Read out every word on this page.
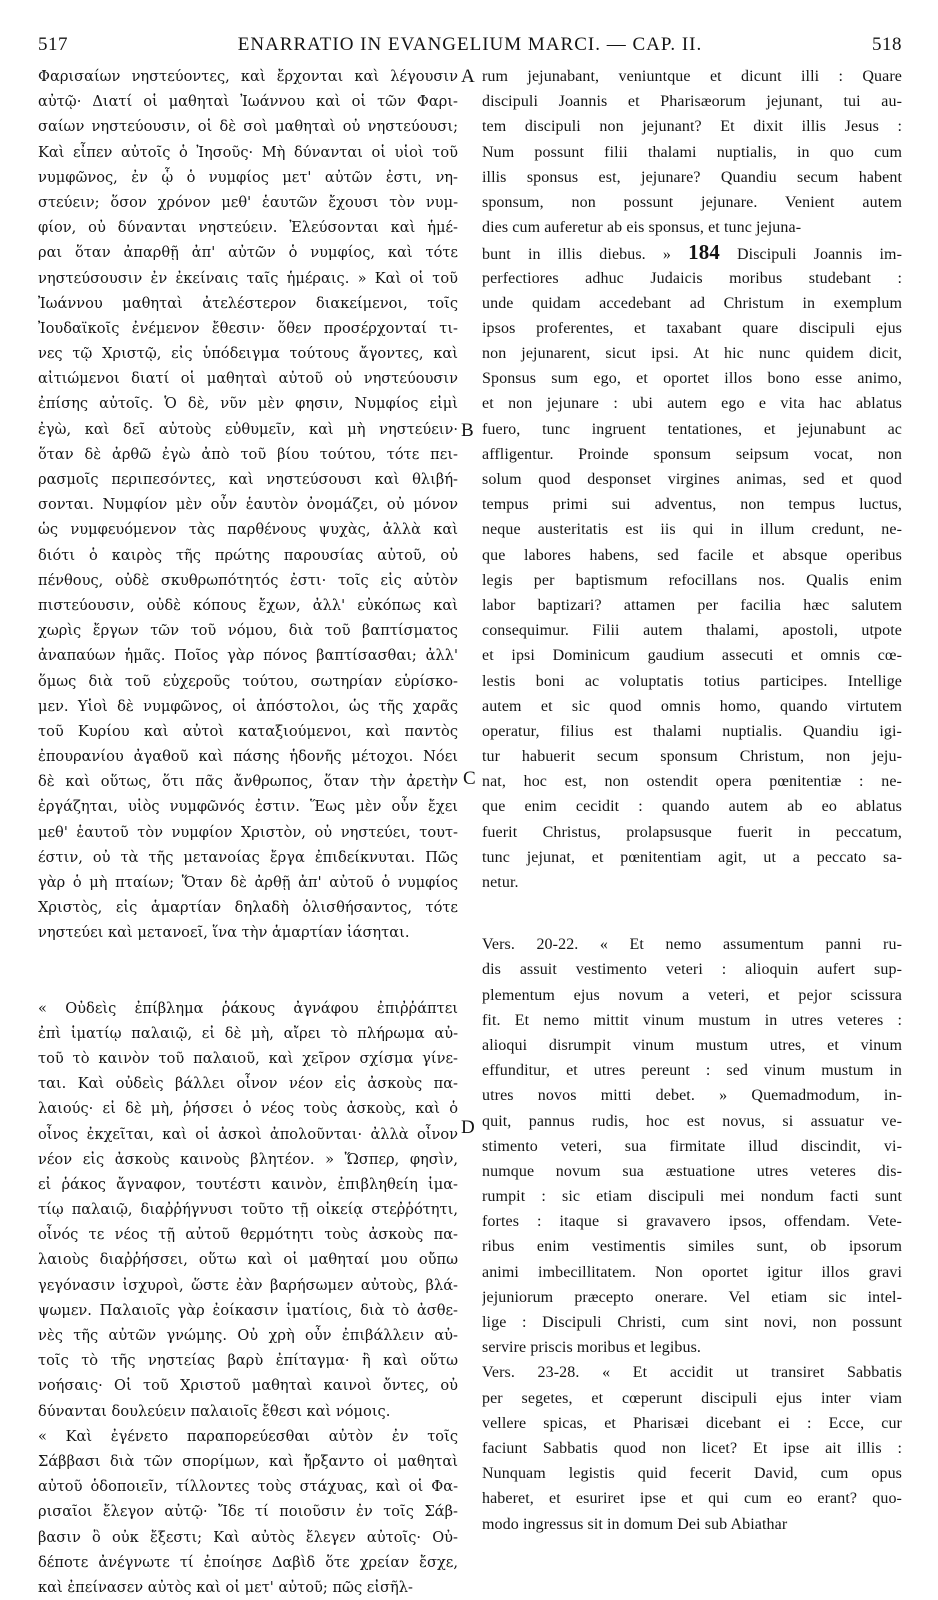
517	ENARRATIO IN EVANGELIUM MARCI. — CAP. II.	518
Φαρισαίων νηστεύοντες, καὶ ἔρχονται καὶ λέγουσιν
αὐτῷ· Διατί οἱ μαθηταὶ Ἰωάννου καὶ οἱ τῶν Φαρι-
σαίων νηστεύουσιν, οἱ δὲ σοὶ μαθηταὶ οὐ νηστεύουσι;
Καὶ εἶπεν αὐτοῖς ὁ Ἰησοῦς· Μὴ δύνανται οἱ υἱοὶ τοῦ
νυμφῶνος, ἐν ᾧ ὁ νυμφίος μετ' αὐτῶν ἐστι, νη-
στεύειν; ὅσον χρόνον μεθ' ἑαυτῶν ἔχουσι τὸν νυμ-
φίον, οὐ δύνανται νηστεύειν. Ἐλεύσονται καὶ ἡμέ-
ραι ὅταν ἀπαρθῇ ἀπ' αὐτῶν ὁ νυμφίος, καὶ τότε
νηστεύσουσιν ἐν ἐκείναις ταῖς ἡμέραις. » Καὶ οἱ τοῦ
Ἰωάννου μαθηταὶ ἀτελέστερον διακείμενοι, τοῖς
Ἰουδαϊκοῖς ἐνέμενον ἔθεσιν· ὅθεν προσέρχονταί τι-
νες τῷ Χριστῷ, εἰς ὑπόδειγμα τούτους ἄγοντες, καὶ
αἰτιώμενοι διατί οἱ μαθηταὶ αὐτοῦ οὐ νηστεύουσιν
ἐπίσης αὐτοῖς. Ὁ δὲ, νῦν μὲν φησιν, Νυμφίος εἰμὶ
ἐγὼ, καὶ δεῖ αὐτοὺς εὐθυμεῖν, καὶ μὴ νηστεύειν·
ὅταν δὲ ἀρθῶ ἐγὼ ἀπὸ τοῦ βίου τούτου, τότε πει-
ρασμοῖς περιπεσόντες, καὶ νηστεύσουσι καὶ θλιβή-
σονται. Νυμφίον μὲν οὖν ἑαυτὸν ὀνομάζει, οὐ μόνον
ὡς νυμφευόμενον τὰς παρθένους ψυχὰς, ἀλλὰ καὶ
διότι ὁ καιρὸς τῆς πρώτης παρουσίας αὐτοῦ, οὐ
πένθους, οὐδὲ σκυθρωπότητός ἐστι· τοῖς εἰς αὐτὸν
πιστεύουσιν, οὐδὲ κόπους ἔχων, ἀλλ' εὐκόπως καὶ
χωρὶς ἔργων τῶν τοῦ νόμου, διὰ τοῦ βαπτίσματος
ἀναπαύων ἡμᾶς. Ποῖος γὰρ πόνος βαπτίσασθαι; ἀλλ'
ὅμως διὰ τοῦ εὐχεροῦς τούτου, σωτηρίαν εὑρίσκο-
μεν. Υἱοὶ δὲ νυμφῶνος, οἱ ἀπόστολοι, ὡς τῆς χαρᾶς
τοῦ Κυρίου καὶ αὐτοὶ καταξιούμενοι, καὶ παντὸς
ἐπουρανίου ἀγαθοῦ καὶ πάσης ἡδονῆς μέτοχοι. Νόει
δὲ καὶ οὕτως, ὅτι πᾶς ἄνθρωπος, ὅταν τὴν ἀρετὴν
ἐργάζηται, υἱὸς νυμφῶνός ἐστιν. Ἕως μὲν οὖν ἔχει
μεθ' ἑαυτοῦ τὸν νυμφίον Χριστὸν, οὐ νηστεύει, τουτ-
έστιν, οὐ τὰ τῆς μετανοίας ἔργα ἐπιδείκνυται. Πῶς
γὰρ ὁ μὴ πταίων; Ὅταν δὲ ἀρθῇ ἀπ' αὐτοῦ ὁ νυμφίος
Χριστὸς, εἰς ἁμαρτίαν δηλαδὴ ὀλισθήσαντος, τότε
νηστεύει καὶ μετανοεῖ, ἵνα τὴν ἁμαρτίαν ἰάσηται.
« Οὐδεὶς ἐπίβλημα ῥάκους ἀγνάφου ἐπιῤῥάπτει
ἐπὶ ἱματίῳ παλαιῷ, εἰ δὲ μὴ, αἴρει τὸ πλήρωμα αὐ-
τοῦ τὸ καινὸν τοῦ παλαιοῦ, καὶ χεῖρον σχίσμα γίνε-
ται. Καὶ οὐδεὶς βάλλει οἶνον νέον εἰς ἀσκοὺς πα-
λαιούς· εἰ δὲ μὴ, ῥήσσει ὁ νέος τοὺς ἀσκοὺς, καὶ ὁ
οἶνος ἐκχεῖται, καὶ οἱ ἀσκοὶ ἀπολοῦνται· ἀλλὰ οἶνον
νέον εἰς ἀσκοὺς καινοὺς βλητέον. » Ὥσπερ, φησὶν,
εἰ ῥάκος ἄγναφον, τουτέστι καινὸν, ἐπιβληθείη ἱμα-
τίῳ παλαιῷ, διαῤῥήγνυσι τοῦτο τῇ οἰκείᾳ στεῤῥότητι,
οἶνός τε νέος τῇ αὐτοῦ θερμότητι τοὺς ἀσκοὺς πα-
λαιοὺς διαῤῥήσσει, οὕτω καὶ οἱ μαθηταί μου οὔπω
γεγόνασιν ἰσχυροὶ, ὥστε ἐὰν βαρήσωμεν αὐτοὺς, βλά-
ψωμεν. Παλαιοῖς γὰρ ἐοίκασιν ἱματίοις, διὰ τὸ ἀσθε-
νὲς τῆς αὐτῶν γνώμης. Οὐ χρὴ οὖν ἐπιβάλλειν αὐ-
τοῖς τὸ τῆς νηστείας βαρὺ ἐπίταγμα· ἢ καὶ οὕτω
νοήσαις· Οἱ τοῦ Χριστοῦ μαθηταὶ καινοὶ ὄντες, οὐ
δύνανται δουλεύειν παλαιοῖς ἔθεσι καὶ νόμοις.
« Καὶ ἐγένετο παραπορεύεσθαι αὐτὸν ἐν τοῖς
Σάββασι διὰ τῶν σπορίμων, καὶ ἤρξαντο οἱ μαθηταὶ
αὐτοῦ ὁδοποιεῖν, τίλλοντες τοὺς στάχυας, καὶ οἱ Φα-
ρισαῖοι ἔλεγον αὐτῷ· Ἴδε τί ποιοῦσιν ἐν τοῖς Σάβ-
βασιν ὃ οὐκ ἔξεστι; Καὶ αὐτὸς ἔλεγεν αὐτοῖς· Οὐ-
δέποτε ἀνέγνωτε τί ἐποίησε Δαβὶδ ὅτε χρείαν ἔσχε,
καὶ ἐπείνασεν αὐτὸς καὶ οἱ μετ' αὐτοῦ; πῶς εἰσῆλ-
A
B
C
D
rum jejunabant, veniuntque et dicunt illi : Quare
discipuli Joannis et Pharisæorum jejunant, tui au-
tem discipuli non jejunant? Et dixit illis Jesus :
Num possunt filii thalami nuptialis, in quo cum
illis sponsus est, jejunare? Quandiu secum habent
sponsum, non possunt jejunare. Venient autem
dies cum auferetur ab eis sponsus, et tunc jejuna-
bunt in illis diebus. » 184 Discipuli Joannis im-
perfectiores adhuc Judaicis moribus studebant :
unde quidam accedebant ad Christum in exemplum
ipsos proferentes, et taxabant quare discipuli ejus
non jejunarent, sicut ipsi. At hic nunc quidem dicit,
Sponsus sum ego, et oportet illos bono esse animo,
et non jejunare : ubi autem ego e vita hac ablatus
fuero, tunc ingruent tentationes, et jejunabunt ac
affligentur. Proinde sponsum seipsum vocat, non
solum quod desponset virgines animas, sed et quod
tempus primi sui adventus, non tempus luctus,
neque austeritatis est iis qui in illum credunt, ne-
que labores habens, sed facile et absque operibus
legis per baptismum refocillans nos. Qualis enim
labor baptizari? attamen per facilia hæc salutem
consequimur. Filii autem thalami, apostoli, utpote
et ipsi Dominicum gaudium assecuti et omnis cœ-
lestis boni ac voluptatis totius participes. Intellige
autem et sic quod omnis homo, quando virtutem
operatur, filius est thalami nuptialis. Quandiu igi-
tur habuerit secum sponsum Christum, non jeju-
nat, hoc est, non ostendit opera pœnitentiæ : ne-
que enim cecidit : quando autem ab eo ablatus
fuerit Christus, prolapsusque fuerit in peccatum,
tunc jejunat, et pœnitentiam agit, ut a peccato sa-
netur.
Vers. 20-22. « Et nemo assumentum panni ru-
dis assuit vestimento veteri : alioquin aufert sup-
plementum ejus novum a veteri, et pejor scissura
fit. Et nemo mittit vinum mustum in utres veteres :
alioqui disrumpit vinum mustum utres, et vinum
effunditur, et utres pereunt : sed vinum mustum in
utres novos mitti debet. » Quemadmodum, in-
quit, pannus rudis, hoc est novus, si assuatur ve-
stimento veteri, sua firmitate illud discindit, vi-
numque novum sua æstuatione utres veteres dis-
rumpit : sic etiam discipuli mei nondum facti sunt
fortes : itaque si gravavero ipsos, offendam. Vete-
ribus enim vestimentis similes sunt, ob ipsorum
animi imbecillitatem. Non oportet igitur illos gravi
jejuniorum præcepto onerare. Vel etiam sic intel-
lige : Discipuli Christi, cum sint novi, non possunt
servire priscis moribus et legibus.
Vers. 23-28. « Et accidit ut transiret Sabbatis
per segetes, et cœperunt discipuli ejus inter viam
vellere spicas, et Pharisæi dicebant ei : Ecce, cur
faciunt Sabbatis quod non licet? Et ipse ait illis :
Nunquam legistis quid fecerit David, cum opus
haberet, et esuriret ipse et qui cum eo erant? quo-
modo ingressus sit in domum Dei sub Abiathar
